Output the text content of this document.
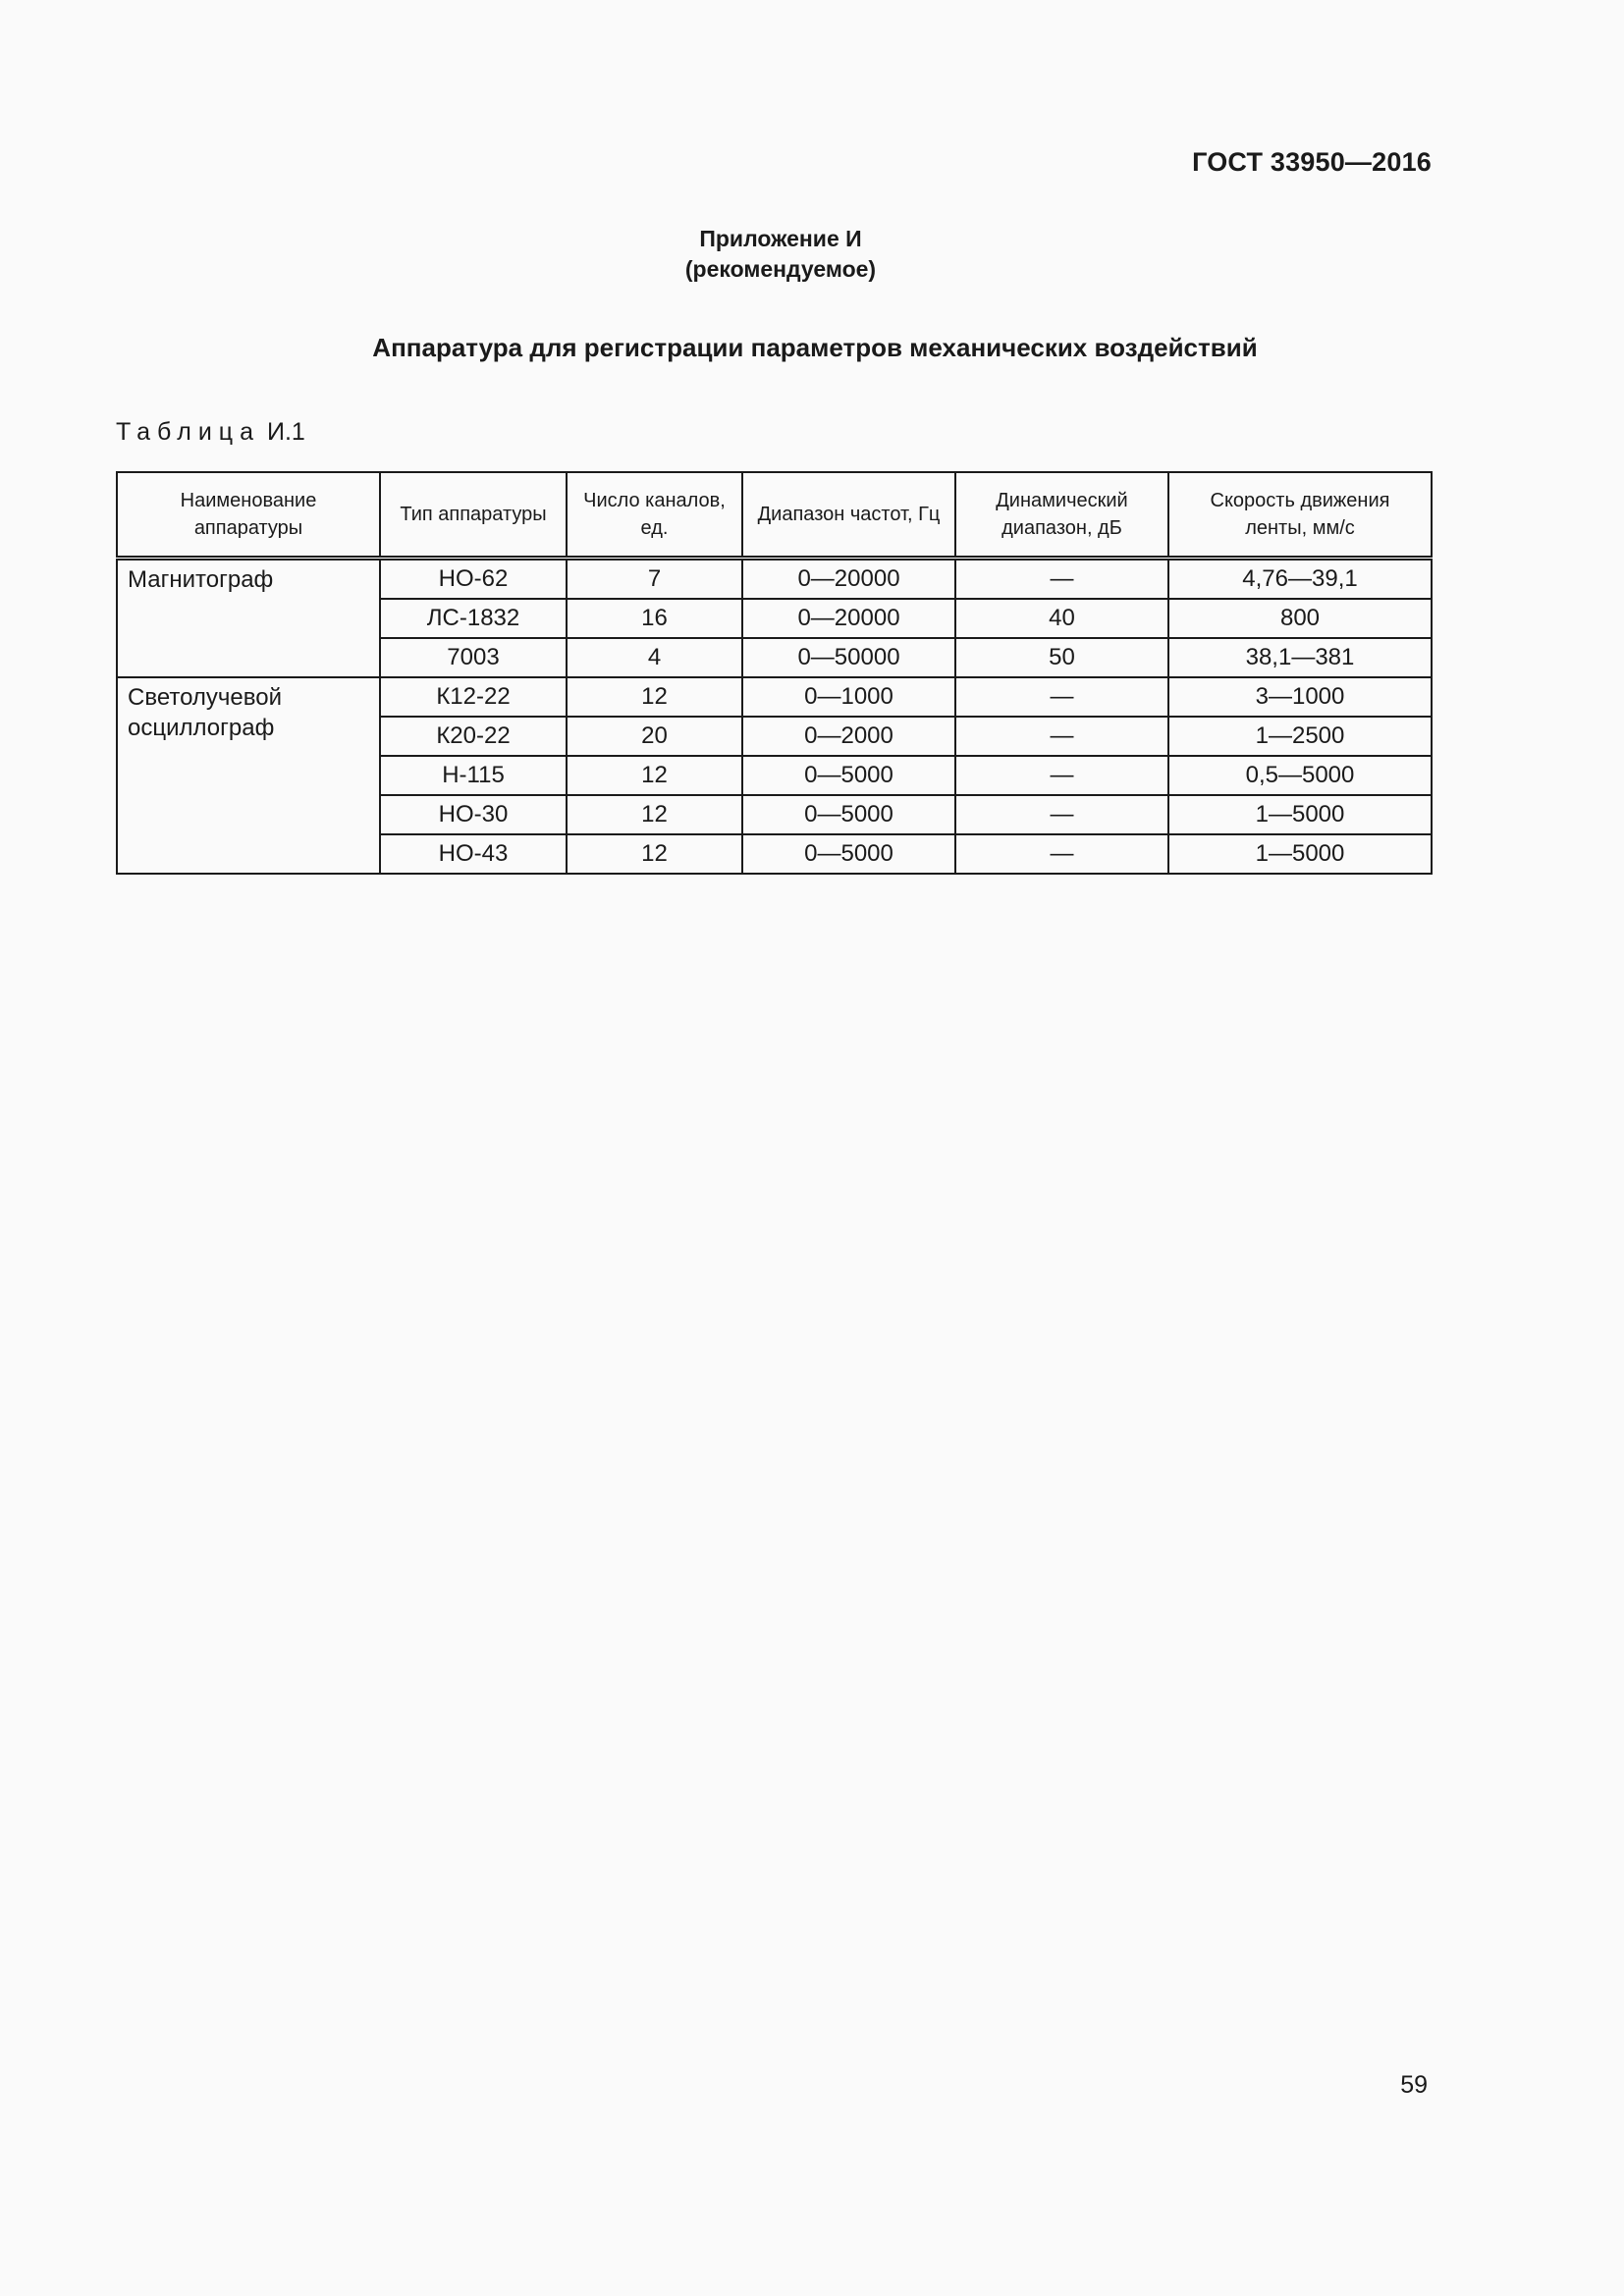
ГОСТ 33950—2016
Приложение И
(рекомендуемое)
Аппаратура для регистрации параметров механических воздействий
Таблица И.1
Наименование аппаратуры	Тип аппаратуры	Число каналов, ед.	Диапазон частот, Гц	Динамический диапазон, дБ	Скорость движения ленты, мм/с
Магнитограф	НО-62	7	0—20000	—	4,76—39,1
	ЛС-1832	16	0—20000	40	800
	7003	4	0—50000	50	38,1—381
Светолучевой осциллограф	К12-22	12	0—1000	—	3—1000
	К20-22	20	0—2000	—	1—2500
	Н-115	12	0—5000	—	0,5—5000
	НО-30	12	0—5000	—	1—5000
	НО-43	12	0—5000	—	1—5000
59
